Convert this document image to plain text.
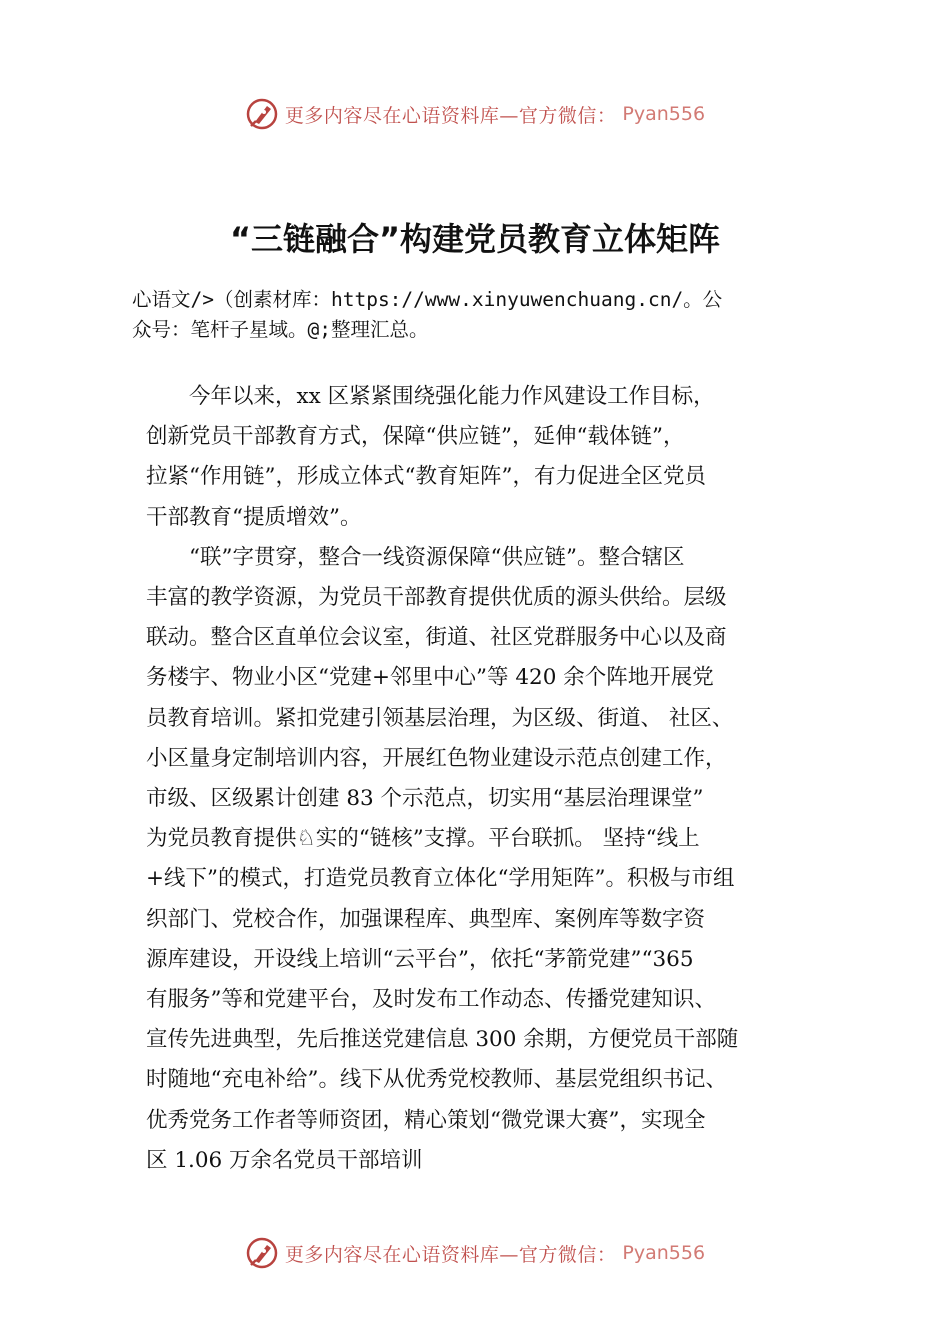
更多内容尽在心语资料库—官方微信： Pyan556
“三链融合”构建党员教育立体矩阵
心语文/>（创素材库：https://www.xinyuwenchuang.cn/。公
众号：笔杆子星域。@;整理汇总。
　　今年以来，xx 区紧紧围绕强化能力作风建设工作目标，
创新党员干部教育方式，保障“供应链”，延伸“载体链”，
拉紧“作用链”，形成立体式“教育矩阵”，有力促进全区党员
干部教育“提质增效”。
　　“联”字贯穿，整合一线资源保障“供应链”。整合辖区
丰富的教学资源，为党员干部教育提供优质的源头供给。层级
联动。整合区直单位会议室，街道、社区党群服务中心以及商
务楼宇、物业小区“党建+邻里中心”等 420 余个阵地开展党
员教育培训。紧扣党建引领基层治理，为区级、街道、 社区、
小区量身定制培训内容，开展红色物业建设示范点创建工作，
市级、区级累计创建 83 个示范点，切实用“基层治理课堂”
为党员教育提供♘实的“链核”支撑。平台联抓。 坚持“线上
+线下”的模式，打造党员教育立体化“学用矩阵”。积极与市组
织部门、党校合作，加强课程库、典型库、案例库等数字资
源库建设，开设线上培训“云平台”，依托“茅箭党建”“365
有服务”等和党建平台，及时发布工作动态、传播党建知识、
宣传先进典型，先后推送党建信息 300 余期，方便党员干部随
时随地“充电补给”。线下从优秀党校教师、基层党组织书记、
优秀党务工作者等师资团，精心策划“微党课大赛”，实现全
区 1.06 万余名党员干部培训
更多内容尽在心语资料库—官方微信： Pyan556
